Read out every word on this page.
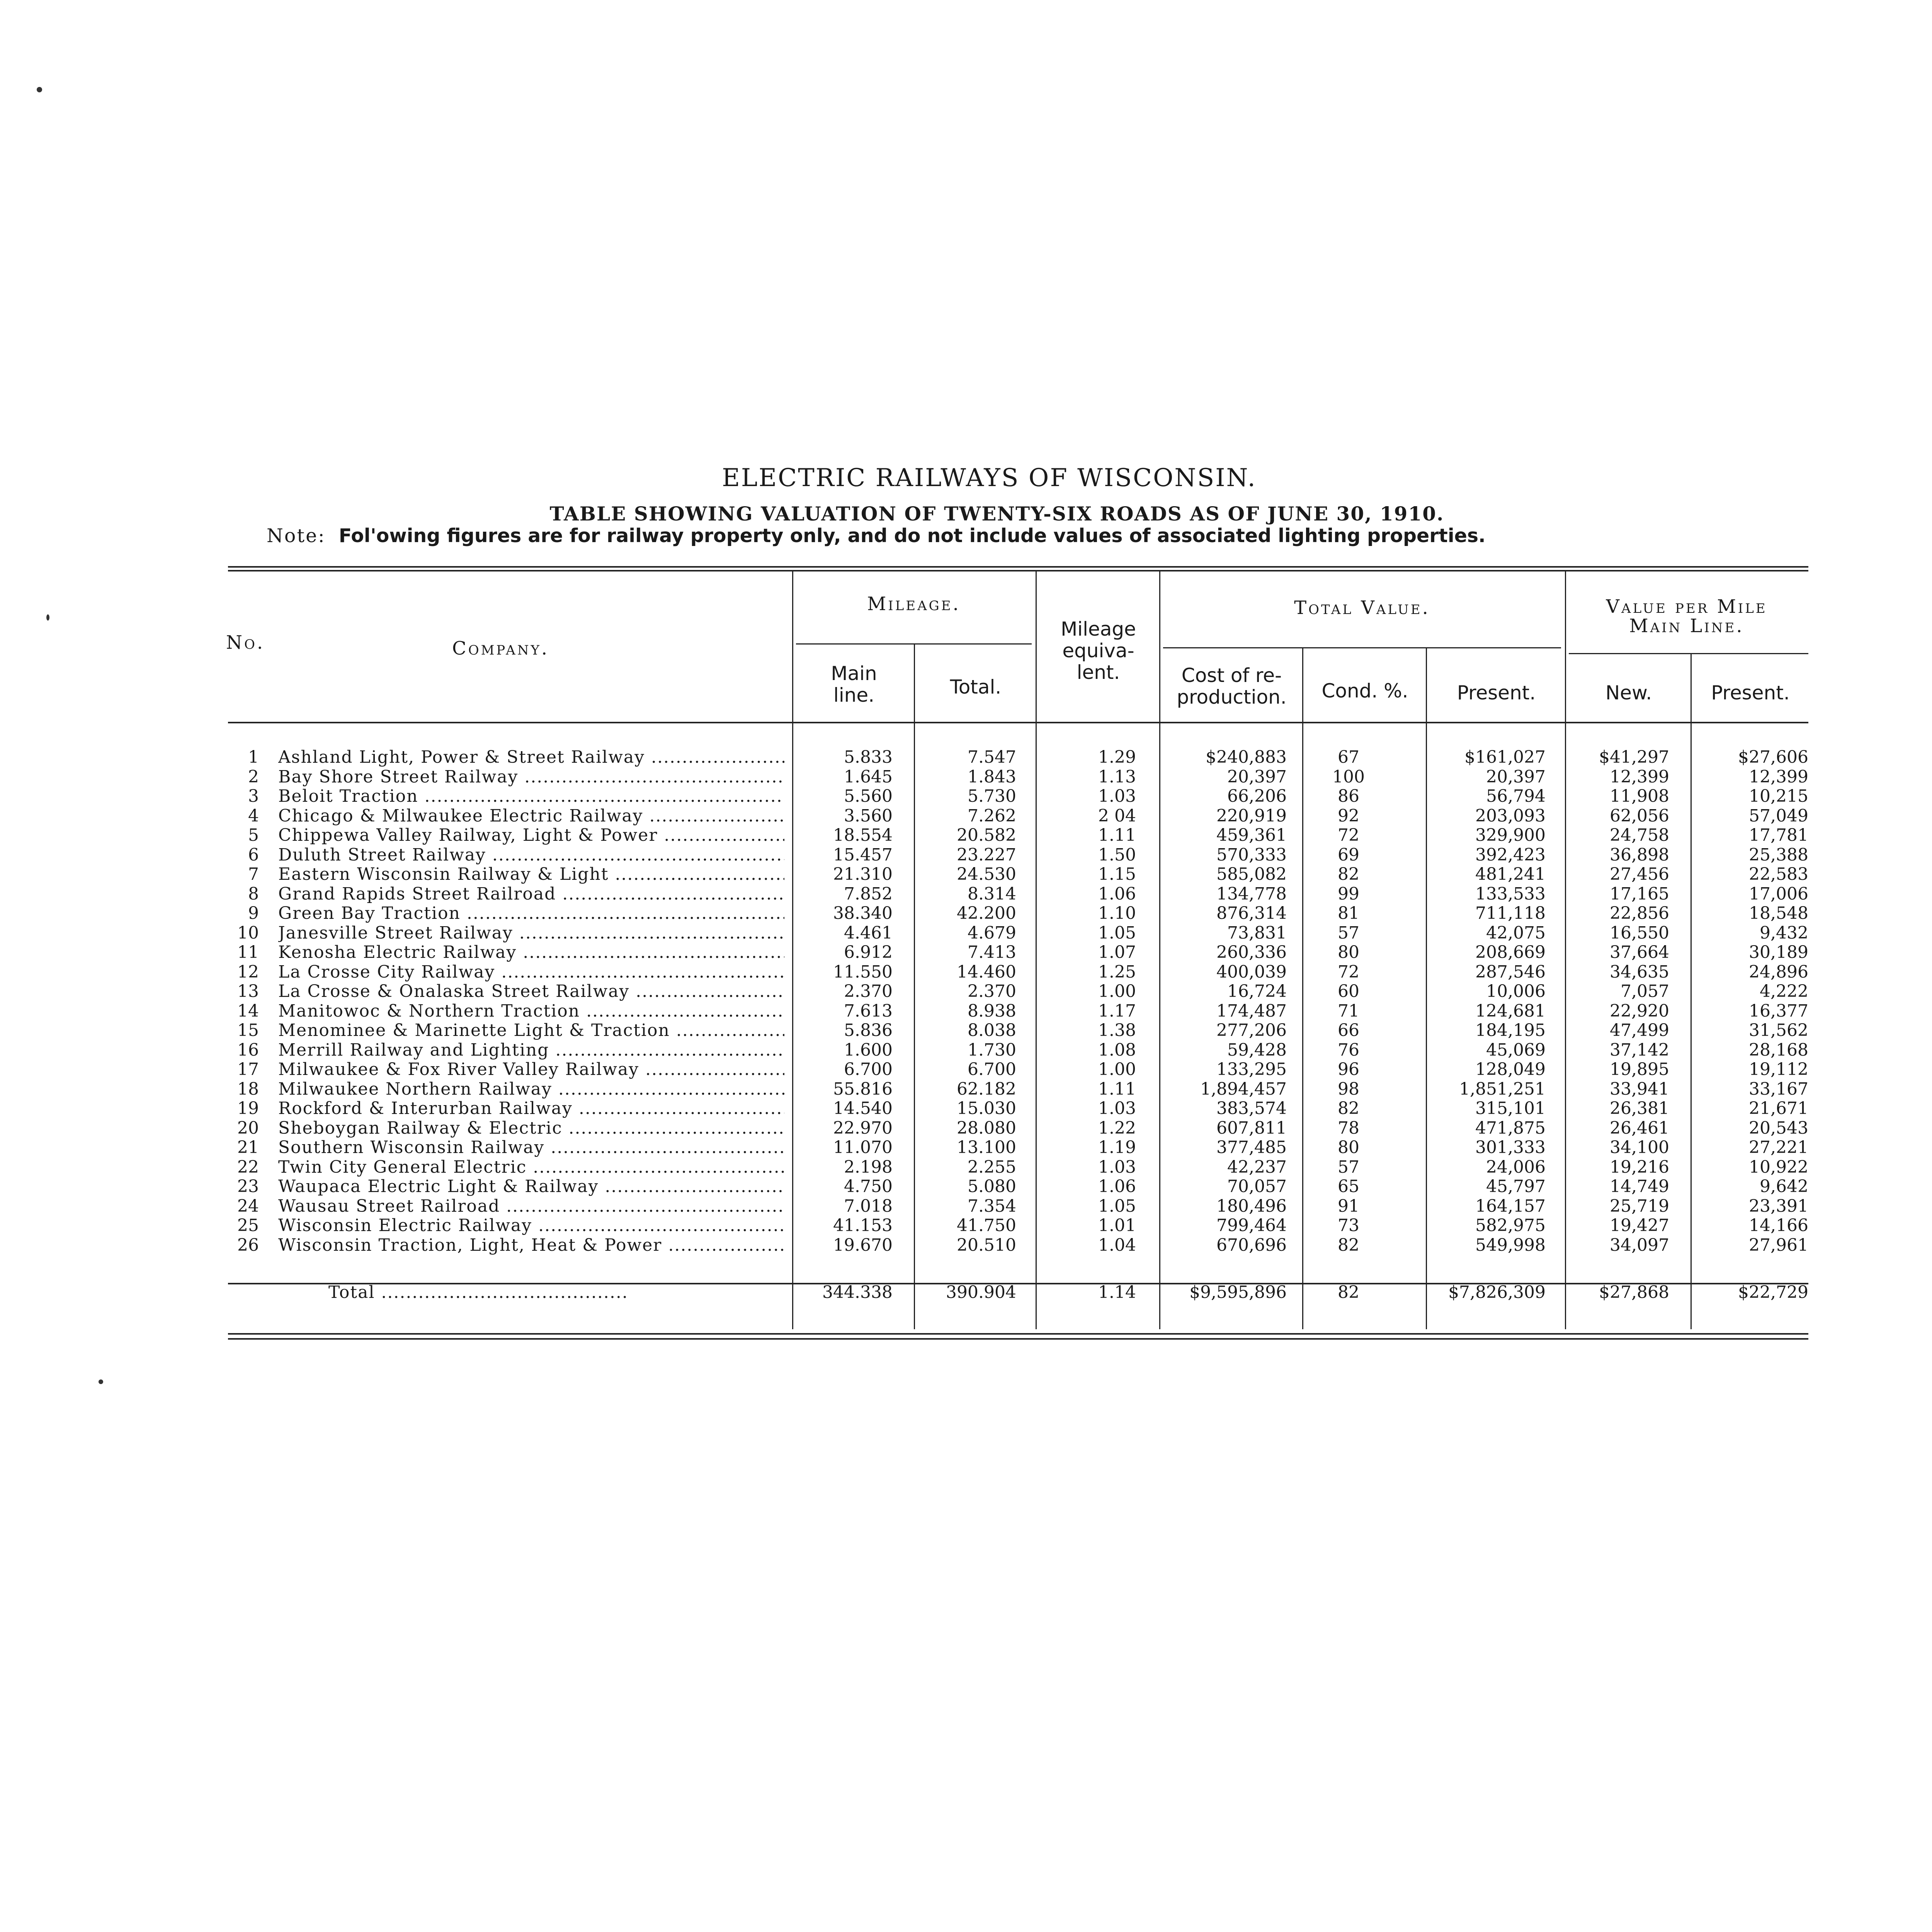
ELECTRIC RAILWAYS OF WISCONSIN.
TABLE SHOWING VALUATION OF TWENTY-SIX ROADS AS OF JUNE 30, 1910.
Note: Fol'owing figures are for railway property only, and do not include values of associated lighting properties.
No.	Company.
Mileage.
Main
line.	Total.
Mileage
equiva-
lent.
Total Value.
Cost of re-
production.	Cond. %.	Present.
Value per Mile
Main Line.
New.	Present.
1 Ashland Light, Power & Street Railway .....	5.833	7.547	1.29	$240,883	67	$161,027	$41,297	$27,606
2 Bay Shore Street Railway .....	1.645	1.843	1.13	20,397	100	20,397	12,399	12,399
3 Beloit Traction .....	5.560	5.730	1.03	66,206	86	56,794	11,908	10,215
4 Chicago & Milwaukee Electric Railway .....	3.560	7.262	2 04	220,919	92	203,093	62,056	57,049
5 Chippewa Valley Railway, Light & Power .....	18.554	20.582	1.11	459,361	72	329,900	24,758	17,781
6 Duluth Street Railway .....	15.457	23.227	1.50	570,333	69	392,423	36,898	25,388
7 Eastern Wisconsin Railway & Light .....	21.310	24.530	1.15	585,082	82	481,241	27,456	22,583
8 Grand Rapids Street Railroad .....	7.852	8.314	1.06	134,778	99	133,533	17,165	17,006
9 Green Bay Traction .....	38.340	42.200	1.10	876,314	81	711,118	22,856	18,548
10 Janesville Street Railway .....	4.461	4.679	1.05	73,831	57	42,075	16,550	9,432
11 Kenosha Electric Railway .....	6.912	7.413	1.07	260,336	80	208,669	37,664	30,189
12 La Crosse City Railway .....	11.550	14.460	1.25	400,039	72	287,546	34,635	24,896
13 La Crosse & Onalaska Street Railway .....	2.370	2.370	1.00	16,724	60	10,006	7,057	4,222
14 Manitowoc & Northern Traction .....	7.613	8.938	1.17	174,487	71	124,681	22,920	16,377
15 Menominee & Marinette Light & Traction .....	5.836	8.038	1.38	277,206	66	184,195	47,499	31,562
16 Merrill Railway and Lighting .....	1.600	1.730	1.08	59,428	76	45,069	37,142	28,168
17 Milwaukee & Fox River Valley Railway .....	6.700	6.700	1.00	133,295	96	128,049	19,895	19,112
18 Milwaukee Northern Railway .....	55.816	62.182	1.11	1,894,457	98	1,851,251	33,941	33,167
19 Rockford & Interurban Railway .....	14.540	15.030	1.03	383,574	82	315,101	26,381	21,671
20 Sheboygan Railway & Electric .....	22.970	28.080	1.22	607,811	78	471,875	26,461	20,543
21 Southern Wisconsin Railway .....	11.070	13.100	1.19	377,485	80	301,333	34,100	27,221
22 Twin City General Electric .....	2.198	2.255	1.03	42,237	57	24,006	19,216	10,922
23 Waupaca Electric Light & Railway .....	4.750	5.080	1.06	70,057	65	45,797	14,749	9,642
24 Wausau Street Railroad .....	7.018	7.354	1.05	180,496	91	164,157	25,719	23,391
25 Wisconsin Electric Railway .....	41.153	41.750	1.01	799,464	73	582,975	19,427	14,166
26 Wisconsin Traction, Light, Heat & Power .....	19.670	20.510	1.04	670,696	82	549,998	34,097	27,961
Total ........................................	344.338	390.904	1.14	$9,595,896	82	$7,826,309	$27,868	$22,729
